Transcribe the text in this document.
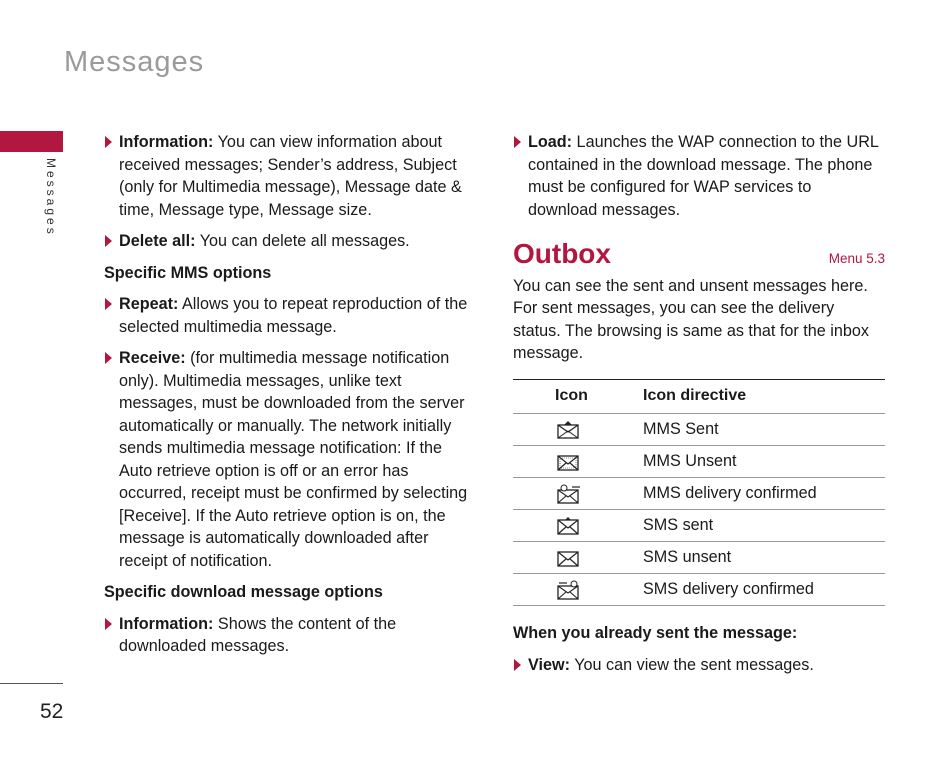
Messages
Messages
52
Information: You can view information about received messages; Sender’s address, Subject (only for Multimedia message), Message date & time, Message type, Message size.
Delete all: You can delete all messages.
Specific MMS options
Repeat: Allows you to repeat reproduction of the selected multimedia message.
Receive: (for multimedia message notification only). Multimedia messages, unlike text messages, must be downloaded from the server automatically or manually. The network initially sends multimedia message notification: If the Auto retrieve option is off or an error has occurred, receipt must be confirmed by selecting [Receive]. If the Auto retrieve option is on, the message is automatically downloaded after receipt of notification.
Specific download message options
Information: Shows the content of the downloaded messages.
Load: Launches the WAP connection to the URL contained in the download message. The phone must be configured for WAP services to download messages.
Outbox	Menu 5.3
You can see the sent and unsent messages here. For sent messages, you can see the delivery status. The browsing is same as that for the inbox message.
Icon	Icon directive
	MMS Sent
	MMS Unsent
	MMS delivery confirmed
	SMS sent
	SMS unsent
	SMS delivery confirmed
When you already sent the message:
View: You can view the sent messages.
